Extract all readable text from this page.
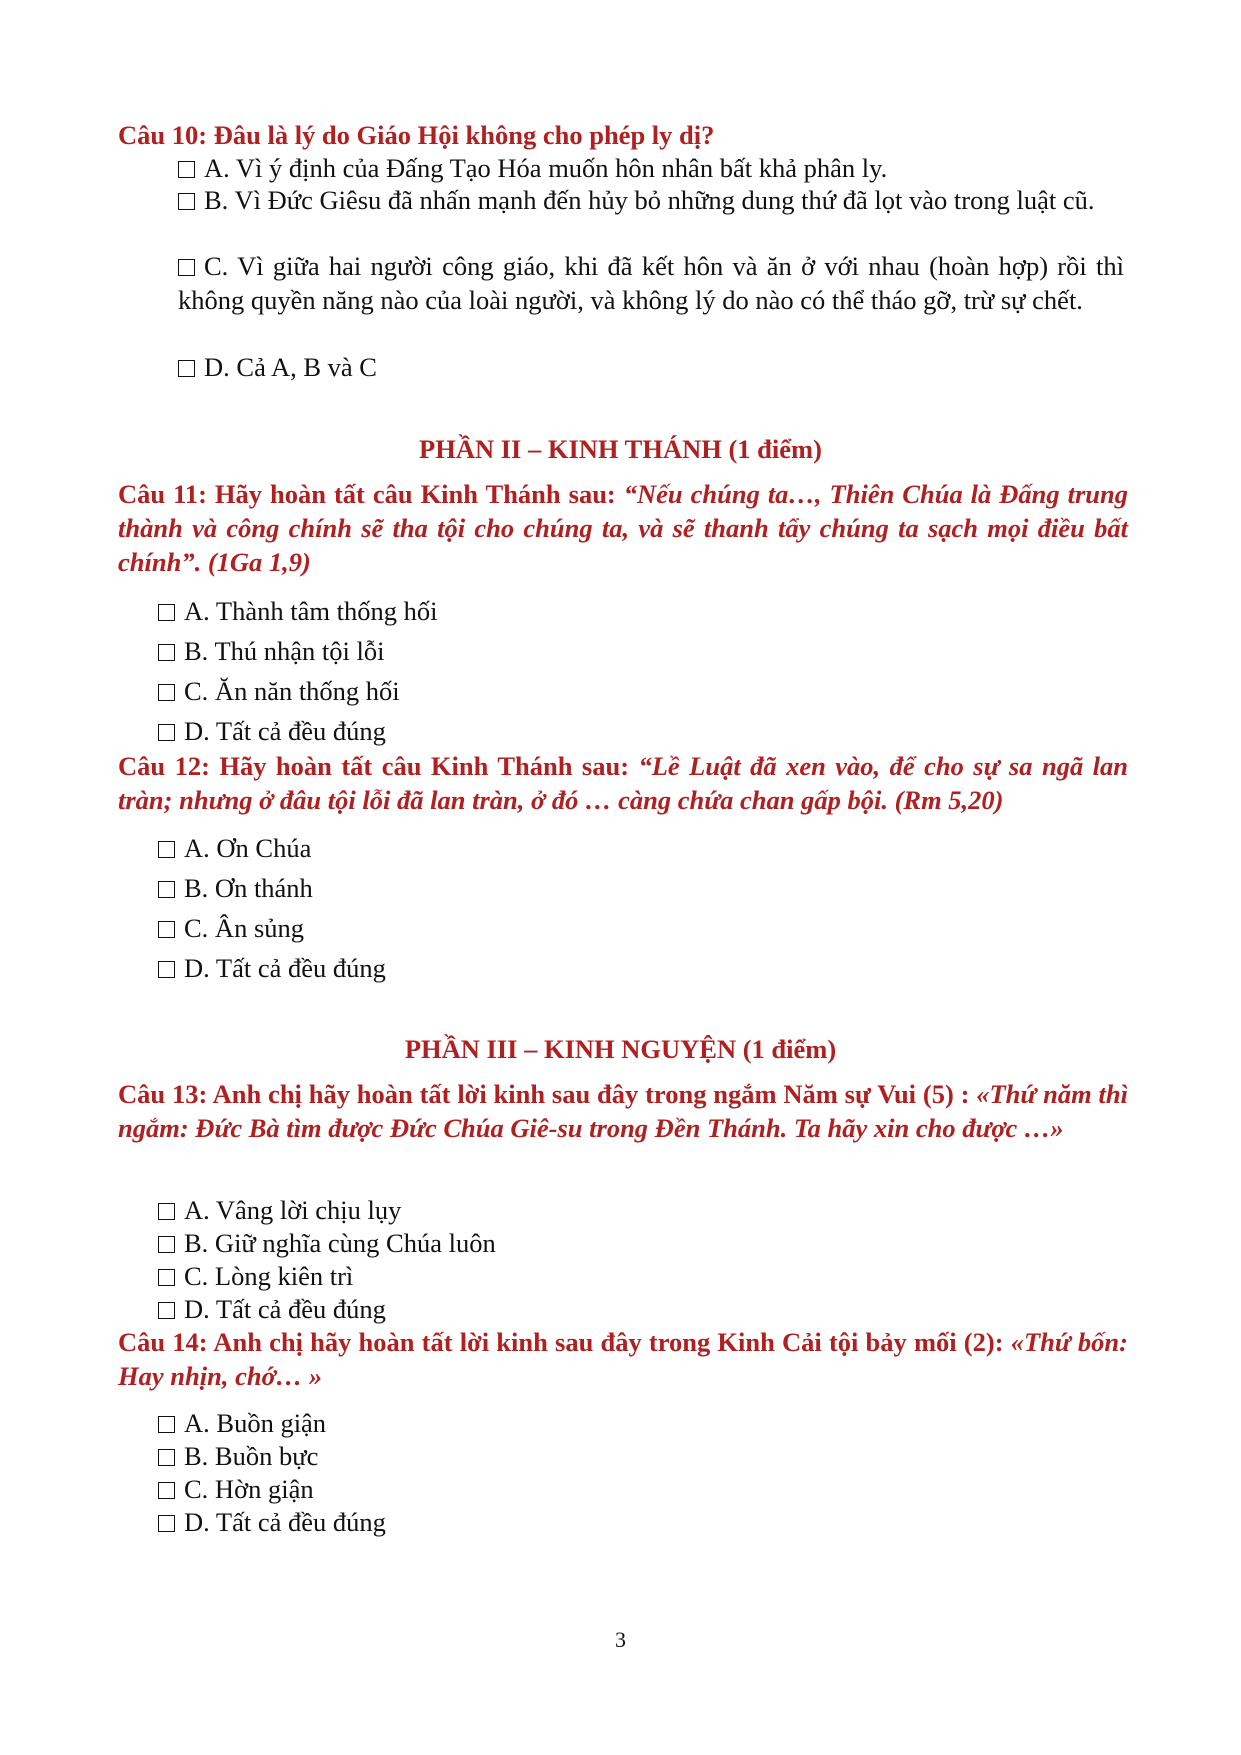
Câu 10: Đâu là lý do Giáo Hội không cho phép ly dị?
A. Vì ý định của Đấng Tạo Hóa muốn hôn nhân bất khả phân ly.
B. Vì Đức Giêsu đã nhấn mạnh đến hủy bỏ những dung thứ đã lọt vào trong luật cũ.
C. Vì giữa hai người công giáo, khi đã kết hôn và ăn ở với nhau (hoàn hợp) rồi thì không quyền năng nào của loài người, và không lý do nào có thể tháo gỡ, trừ sự chết.
D. Cả A, B và C
PHẦN II – KINH THÁNH (1 điểm)
Câu 11: Hãy hoàn tất câu Kinh Thánh sau: “Nếu chúng ta…, Thiên Chúa là Đấng trung thành và công chính sẽ tha tội cho chúng ta, và sẽ thanh tẩy chúng ta sạch mọi điều bất chính”. (1Ga 1,9)
A. Thành tâm thống hối
B. Thú nhận tội lỗi
C. Ăn năn thống hối
D. Tất cả đều đúng
Câu 12: Hãy hoàn tất câu Kinh Thánh sau: “Lề Luật đã xen vào, để cho sự sa ngã lan tràn; nhưng ở đâu tội lỗi đã lan tràn, ở đó … càng chứa chan gấp bội. (Rm 5,20)
A. Ơn Chúa
B. Ơn thánh
C. Ân sủng
D. Tất cả đều đúng
PHẦN III – KINH NGUYỆN (1 điểm)
Câu 13: Anh chị hãy hoàn tất lời kinh sau đây trong ngắm Năm sự Vui (5) : «Thứ năm thì ngắm: Đức Bà tìm được Đức Chúa Giê-su trong Đền Thánh. Ta hãy xin cho được …»
A. Vâng lời chịu lụy
B. Giữ nghĩa cùng Chúa luôn
C. Lòng kiên trì
D. Tất cả đều đúng
Câu 14: Anh chị hãy hoàn tất lời kinh sau đây trong Kinh Cải tội bảy mối (2): «Thứ bốn: Hay nhịn, chớ… »
A. Buồn giận
B. Buồn bực
C. Hờn giận
D. Tất cả đều đúng
3
